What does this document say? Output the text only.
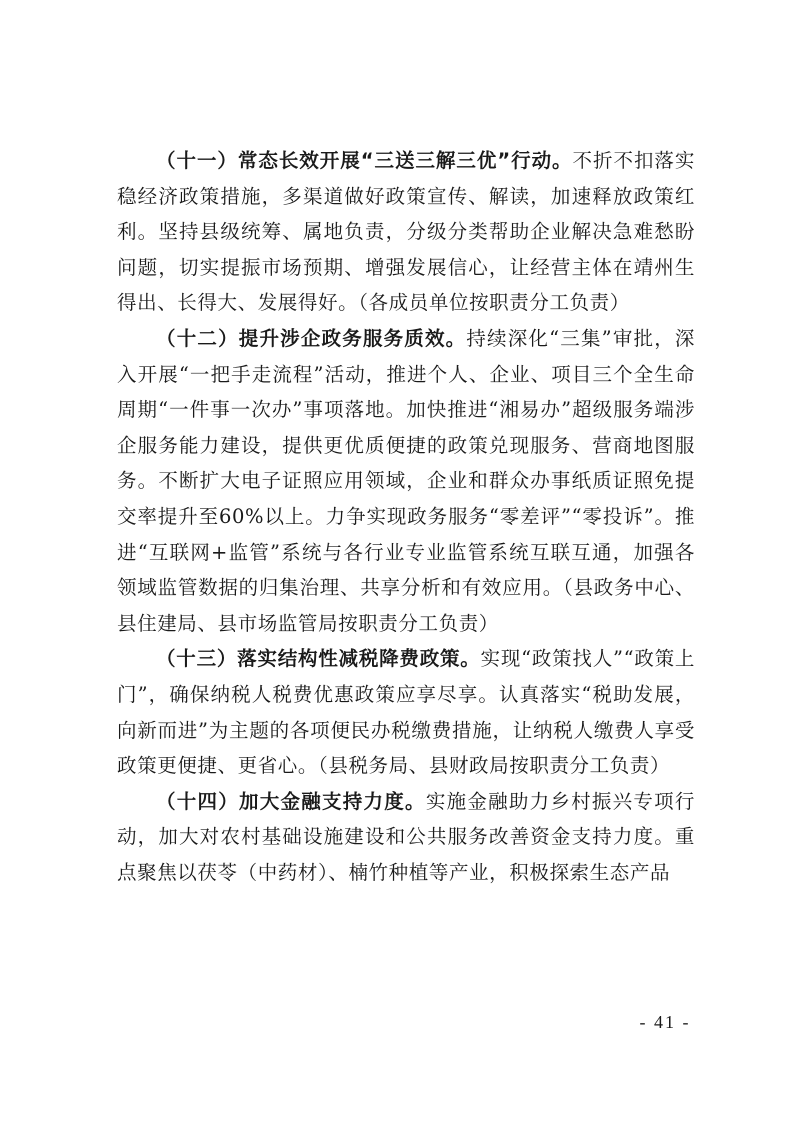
（十一）常态长效开展“三送三解三优”行动。不折不扣落实稳经济政策措施，多渠道做好政策宣传、解读，加速释放政策红利。坚持县级统筹、属地负责，分级分类帮助企业解决急难愁盼问题，切实提振市场预期、增强发展信心，让经营主体在靖州生得出、长得大、发展得好。（各成员单位按职责分工负责）

（十二）提升涉企政务服务质效。持续深化“三集”审批，深入开展“一把手走流程”活动，推进个人、企业、项目三个全生命周期“一件事一次办”事项落地。加快推进“湘易办”超级服务端涉企服务能力建设，提供更优质便捷的政策兑现服务、营商地图服务。不断扩大电子证照应用领域，企业和群众办事纸质证照免提交率提升至60%以上。力争实现政务服务“零差评”“零投诉”。推进“互联网+监管”系统与各行业专业监管系统互联互通，加强各领域监管数据的归集治理、共享分析和有效应用。（县政务中心、县住建局、县市场监管局按职责分工负责）

（十三）落实结构性减税降费政策。实现“政策找人”“政策上门”，确保纳税人税费优惠政策应享尽享。认真落实“税助发展，向新而进”为主题的各项便民办税缴费措施，让纳税人缴费人享受政策更便捷、更省心。（县税务局、县财政局按职责分工负责）

（十四）加大金融支持力度。实施金融助力乡村振兴专项行动，加大对农村基础设施建设和公共服务改善资金支持力度。重点聚焦以茯苓（中药材）、楠竹种植等产业，积极探索生态产品

- 41 -
